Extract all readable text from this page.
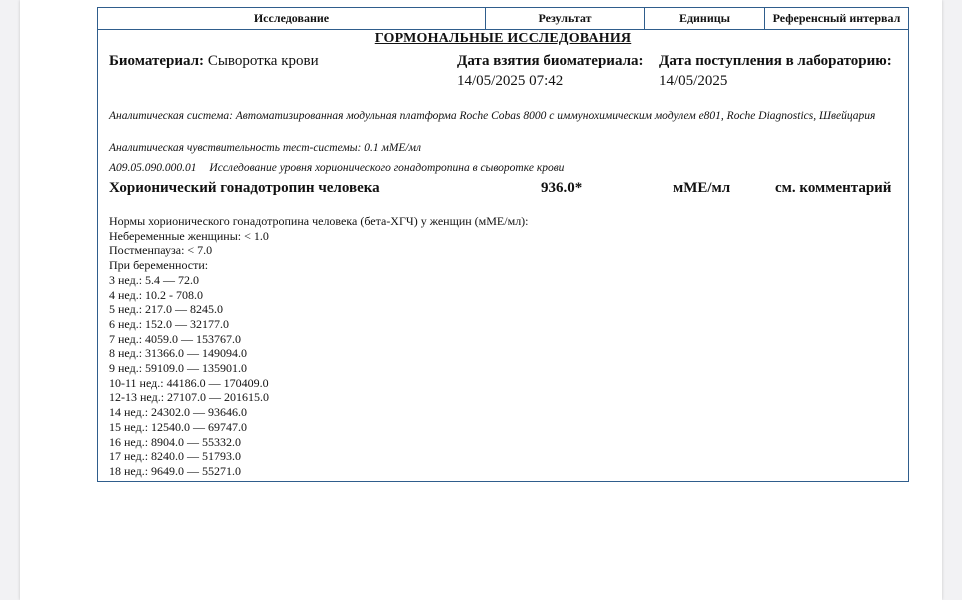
Исследование	Результат	Единицы	Референсный интервал
ГОРМОНАЛЬНЫЕ ИССЛЕДОВАНИЯ
Биоматериал: Сыворотка крови	Дата взятия биоматериала:
14/05/2025 07:42
Дата поступления в лабораторию:
14/05/2025
Аналитическая система: Автоматизированная модульная платформа Roche Cobas 8000 с иммунохимическим модулем e801, Roche Diagnostics, Швейцария
Аналитическая чувствительность тест-системы: 0.1 мМЕ/мл
A09.05.090.000.01 Исследование уровня хорионического гонадотропина в сыворотке крови
Хорионический гонадотропин человека	936.0*	мМЕ/мл	см. комментарий
Нормы хорионического гонадотропина человека (бета-ХГЧ) у женщин (мМЕ/мл):
Небеременные женщины: < 1.0
Постменпауза: < 7.0
При беременности:
3 нед.: 5.4 — 72.0
4 нед.: 10.2 - 708.0
5 нед.: 217.0 — 8245.0
6 нед.: 152.0 — 32177.0
7 нед.: 4059.0 — 153767.0
8 нед.: 31366.0 — 149094.0
9 нед.: 59109.0 — 135901.0
10-11 нед.: 44186.0 — 170409.0
12-13 нед.: 27107.0 — 201615.0
14 нед.: 24302.0 — 93646.0
15 нед.: 12540.0 — 69747.0
16 нед.: 8904.0 — 55332.0
17 нед.: 8240.0 — 51793.0
18 нед.: 9649.0 — 55271.0
